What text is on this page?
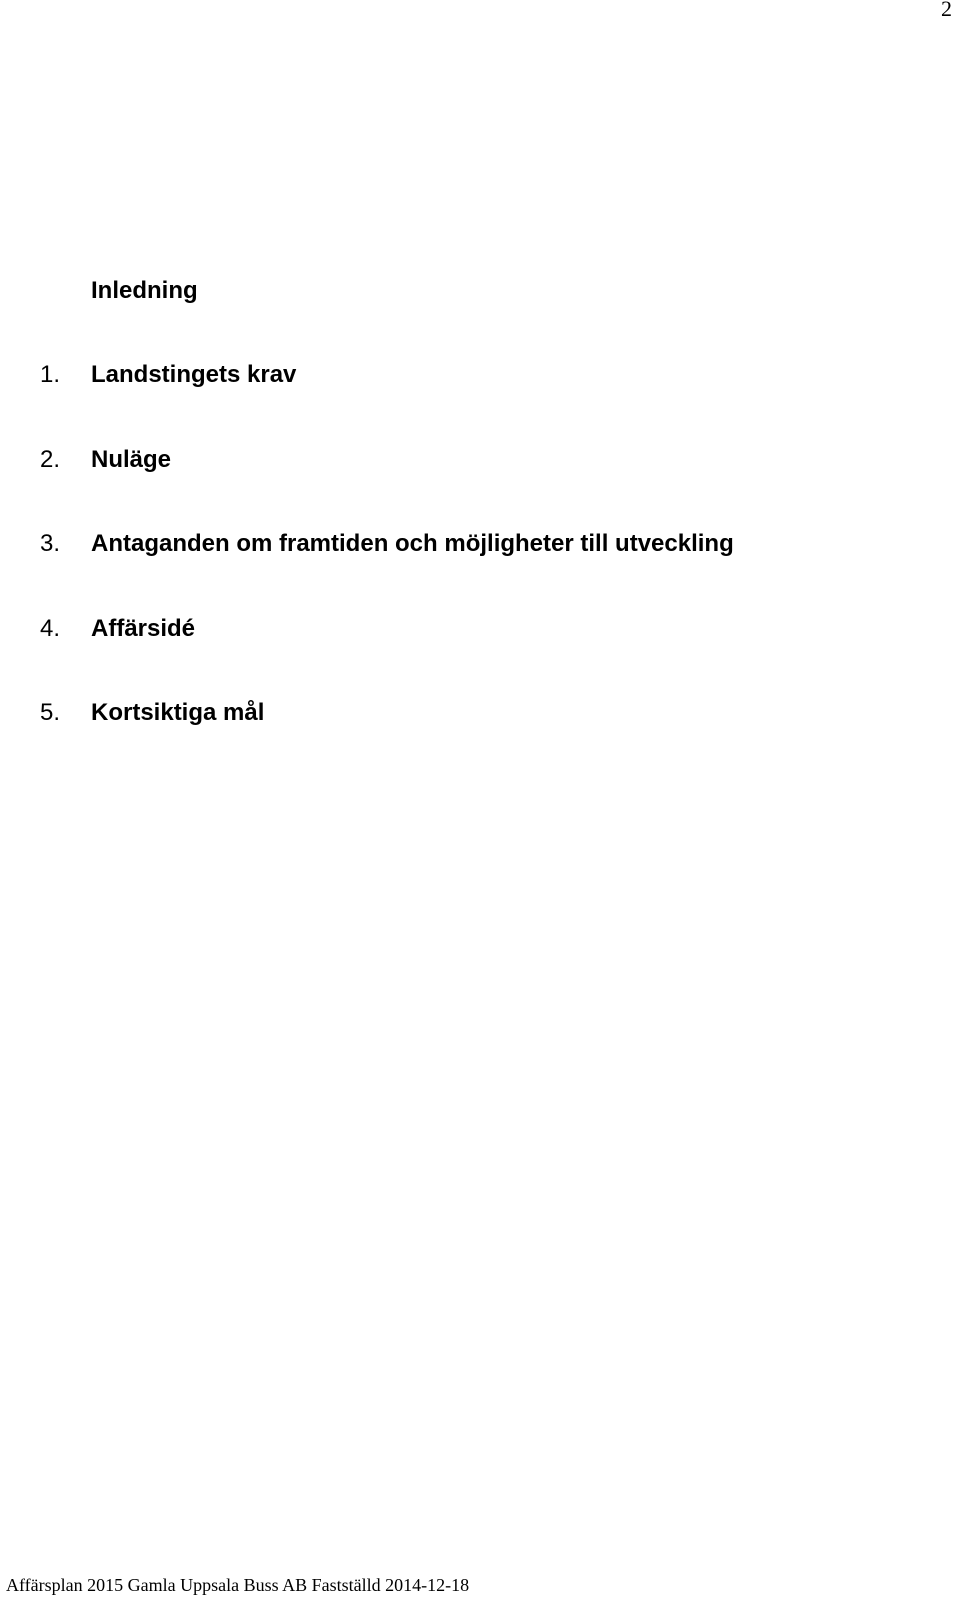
2
Inledning
1. Landstingets krav
2. Nuläge
3. Antaganden om framtiden och möjligheter till utveckling
4. Affärsidé
5. Kortsiktiga mål
Affärsplan 2015 Gamla Uppsala Buss AB Fastställd 2014-12-18
